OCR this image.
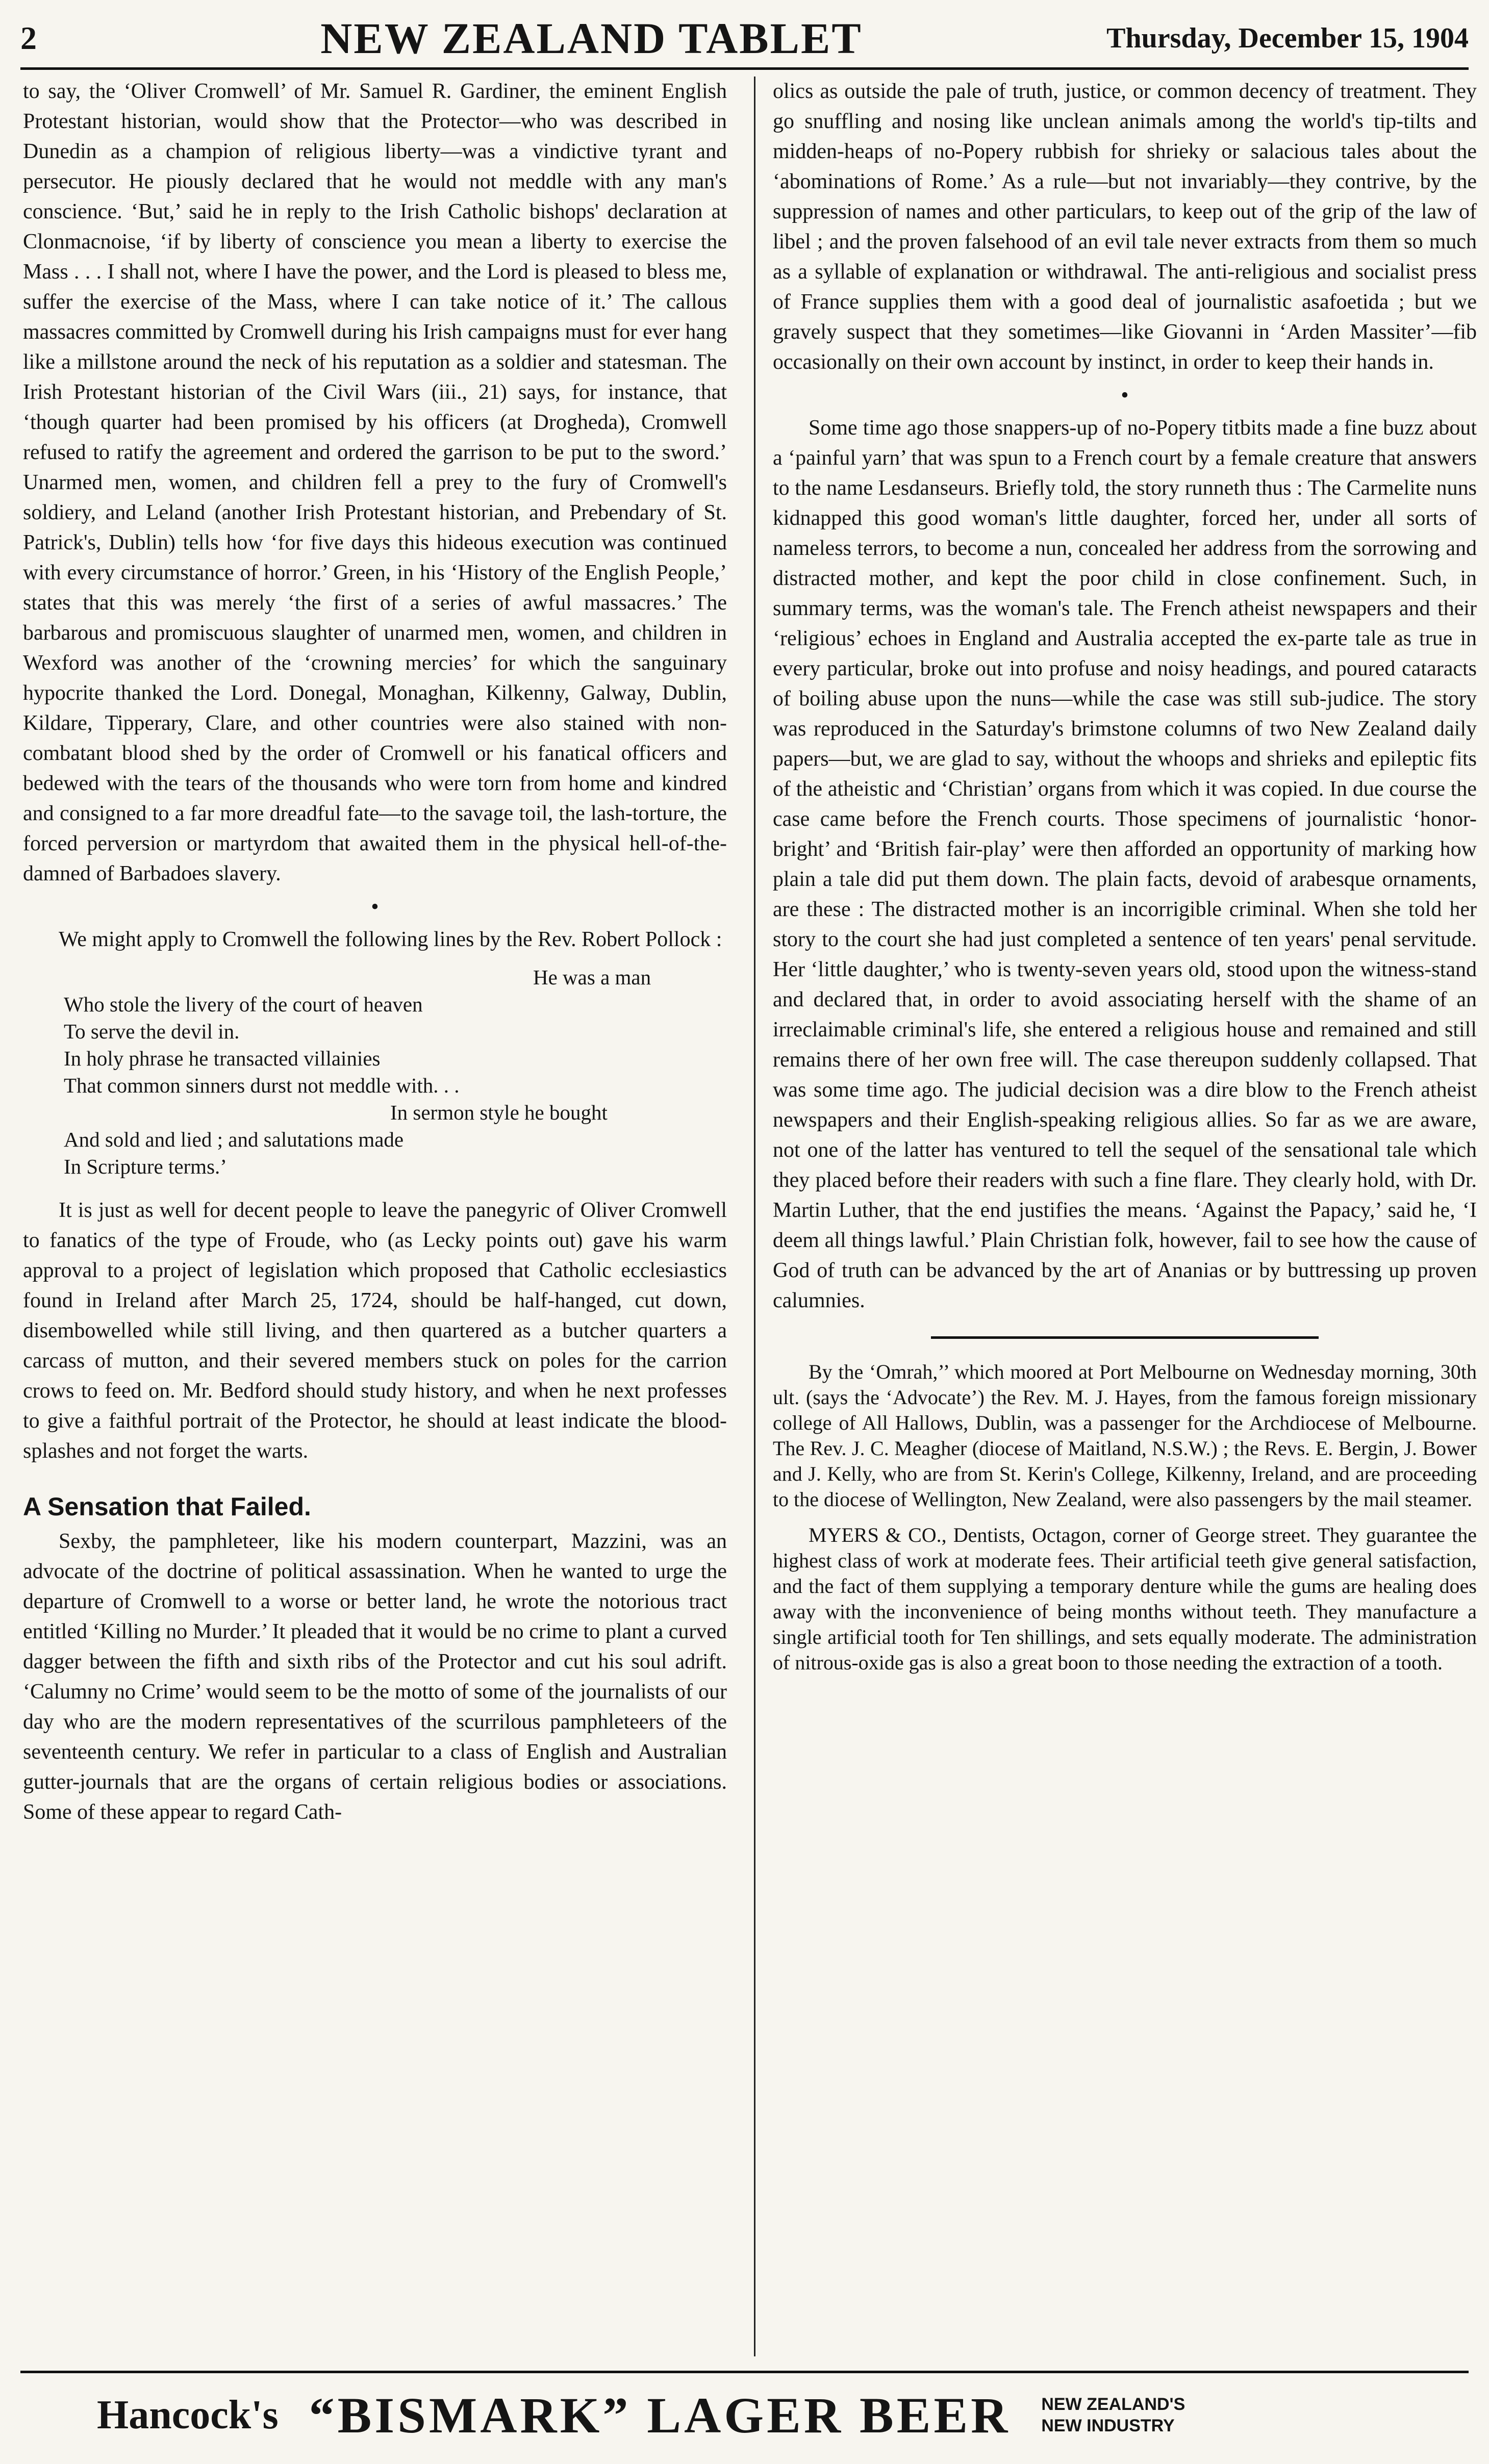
2	NEW ZEALAND TABLET	Thursday, December 15, 1904

to say, the ‘Oliver Cromwell’ of Mr. Samuel R. Gardiner, the eminent English Protestant historian, would show that the Protector—who was described in Dunedin as a champion of religious liberty—was a vindictive tyrant and persecutor. He piously declared that he would not meddle with any man's conscience. ‘But,’ said he in reply to the Irish Catholic bishops' declaration at Clonmacnoise, ‘if by liberty of conscience you mean a liberty to exercise the Mass . . . I shall not, where I have the power, and the Lord is pleased to bless me, suffer the exercise of the Mass, where I can take notice of it.’ The callous massacres committed by Cromwell during his Irish campaigns must for ever hang like a millstone around the neck of his reputation as a soldier and statesman. The Irish Protestant historian of the Civil Wars (iii., 21) says, for instance, that ‘though quarter had been promised by his officers (at Drogheda), Cromwell refused to ratify the agreement and ordered the garrison to be put to the sword.’ Unarmed men, women, and children fell a prey to the fury of Cromwell's soldiery, and Leland (another Irish Protestant historian, and Prebendary of St. Patrick's, Dublin) tells how ‘for five days this hideous execution was continued with every circumstance of horror.’ Green, in his ‘History of the English People,’ states that this was merely ‘the first of a series of awful massacres.’ The barbarous and promiscuous slaughter of unarmed men, women, and children in Wexford was another of the ‘crowning mercies’ for which the sanguinary hypocrite thanked the Lord. Donegal, Monaghan, Kilkenny, Galway, Dublin, Kildare, Tipperary, Clare, and other countries were also stained with non-combatant blood shed by the order of Cromwell or his fanatical officers and bedewed with the tears of the thousands who were torn from home and kindred and consigned to a far more dreadful fate—to the savage toil, the lash-torture, the forced perversion or martyrdom that awaited them in the physical hell-of-the-damned of Barbadoes slavery.

•

We might apply to Cromwell the following lines by the Rev. Robert Pollock :

He was a man
Who stole the livery of the court of heaven
To serve the devil in.
In holy phrase he transacted villainies
That common sinners durst not meddle with. . .
In sermon style he bought
And sold and lied ; and salutations made
In Scripture terms.’

It is just as well for decent people to leave the panegyric of Oliver Cromwell to fanatics of the type of Froude, who (as Lecky points out) gave his warm approval to a project of legislation which proposed that Catholic ecclesiastics found in Ireland after March 25, 1724, should be half-hanged, cut down, disembowelled while still living, and then quartered as a butcher quarters a carcass of mutton, and their severed members stuck on poles for the carrion crows to feed on. Mr. Bedford should study history, and when he next professes to give a faithful portrait of the Protector, he should at least indicate the blood-splashes and not forget the warts.

A Sensation that Failed.

Sexby, the pamphleteer, like his modern counterpart, Mazzini, was an advocate of the doctrine of political assassination. When he wanted to urge the departure of Cromwell to a worse or better land, he wrote the notorious tract entitled ‘Killing no Murder.’ It pleaded that it would be no crime to plant a curved dagger between the fifth and sixth ribs of the Protector and cut his soul adrift. ‘Calumny no Crime’ would seem to be the motto of some of the journalists of our day who are the modern representatives of the scurrilous pamphleteers of the seventeenth century. We refer in particular to a class of English and Australian gutter-journals that are the organs of certain religious bodies or associations. Some of these appear to regard Cath-

olics as outside the pale of truth, justice, or common decency of treatment. They go snuffling and nosing like unclean animals among the world's tip-tilts and midden-heaps of no-Popery rubbish for shrieky or salacious tales about the ‘abominations of Rome.’ As a rule—but not invariably—they contrive, by the suppression of names and other particulars, to keep out of the grip of the law of libel ; and the proven falsehood of an evil tale never extracts from them so much as a syllable of explanation or withdrawal. The anti-religious and socialist press of France supplies them with a good deal of journalistic asafoetida ; but we gravely suspect that they sometimes—like Giovanni in ‘Arden Massiter’—fib occasionally on their own account by instinct, in order to keep their hands in.

•

Some time ago those snappers-up of no-Popery titbits made a fine buzz about a ‘painful yarn’ that was spun to a French court by a female creature that answers to the name Lesdanseurs. Briefly told, the story runneth thus : The Carmelite nuns kidnapped this good woman's little daughter, forced her, under all sorts of nameless terrors, to become a nun, concealed her address from the sorrowing and distracted mother, and kept the poor child in close confinement. Such, in summary terms, was the woman's tale. The French atheist newspapers and their ‘religious’ echoes in England and Australia accepted the ex-parte tale as true in every particular, broke out into profuse and noisy headings, and poured cataracts of boiling abuse upon the nuns—while the case was still sub-judice. The story was reproduced in the Saturday's brimstone columns of two New Zealand daily papers—but, we are glad to say, without the whoops and shrieks and epileptic fits of the atheistic and ‘Christian’ organs from which it was copied. In due course the case came before the French courts. Those specimens of journalistic ‘honor-bright’ and ‘British fair-play’ were then afforded an opportunity of marking how plain a tale did put them down. The plain facts, devoid of arabesque ornaments, are these : The distracted mother is an incorrigible criminal. When she told her story to the court she had just completed a sentence of ten years' penal servitude. Her ‘little daughter,’ who is twenty-seven years old, stood upon the witness-stand and declared that, in order to avoid associating herself with the shame of an irreclaimable criminal's life, she entered a religious house and remained and still remains there of her own free will. The case thereupon suddenly collapsed. That was some time ago. The judicial decision was a dire blow to the French atheist newspapers and their English-speaking religious allies. So far as we are aware, not one of the latter has ventured to tell the sequel of the sensational tale which they placed before their readers with such a fine flare. They clearly hold, with Dr. Martin Luther, that the end justifies the means. ‘Against the Papacy,’ said he, ‘I deem all things lawful.’ Plain Christian folk, however, fail to see how the cause of God of truth can be advanced by the art of Ananias or by buttressing up proven calumnies.

By the ‘Omrah,’’ which moored at Port Melbourne on Wednesday morning, 30th ult. (says the ‘Advocate’) the Rev. M. J. Hayes, from the famous foreign missionary college of All Hallows, Dublin, was a passenger for the Archdiocese of Melbourne. The Rev. J. C. Meagher (diocese of Maitland, N.S.W.) ; the Revs. E. Bergin, J. Bower and J. Kelly, who are from St. Kerin's College, Kilkenny, Ireland, and are proceeding to the diocese of Wellington, New Zealand, were also passengers by the mail steamer.

MYERS & CO., Dentists, Octagon, corner of George street. They guarantee the highest class of work at moderate fees. Their artificial teeth give general satisfaction, and the fact of them supplying a temporary denture while the gums are healing does away with the inconvenience of being months without teeth. They manufacture a single artificial tooth for Ten shillings, and sets equally moderate. The administration of nitrous-oxide gas is also a great boon to those needing the extraction of a tooth.

Hancock's “BISMARK” LAGER BEER NEW ZEALAND'S
NEW INDUSTRY
